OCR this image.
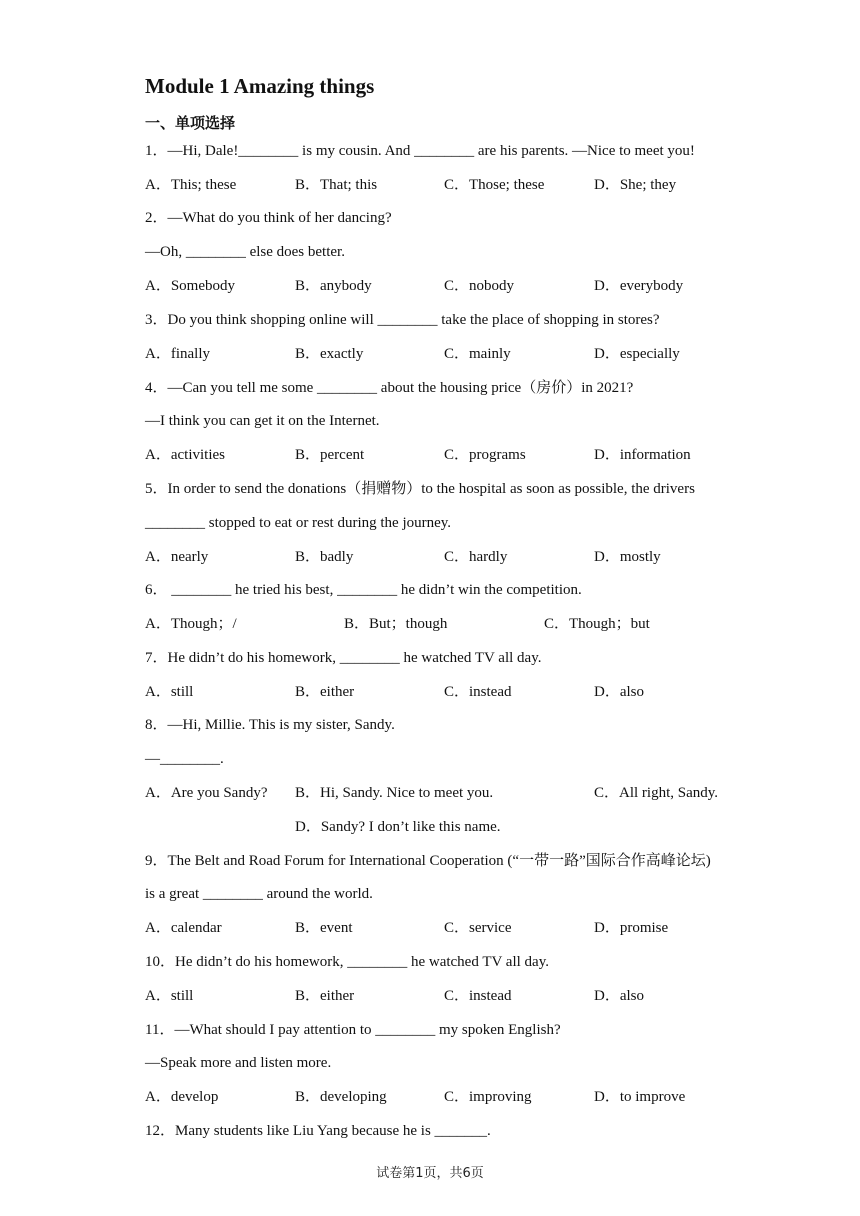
Module 1 Amazing things
一、单项选择
1．—Hi, Dale!________ is my cousin. And ________ are his parents. —Nice to meet you!
A．This; these	B．That; this	C．Those; these	D．She; they
2．—What do you think of her dancing?
—Oh, ________ else does better.
A．Somebody	B．anybody	C．nobody	D．everybody
3．Do you think shopping online will ________ take the place of shopping in stores?
A．finally	B．exactly	C．mainly	D．especially
4．—Can you tell me some ________ about the housing price（房价）in 2021?
—I think you can get it on the Internet.
A．activities	B．percent	C．programs	D．information
5．In order to send the donations（捐赠物）to the hospital as soon as possible, the drivers
________ stopped to eat or rest during the journey.
A．nearly	B．badly	C．hardly	D．mostly
6． ________ he tried his best, ________ he didn’t win the competition.
A．Though；/	B．But；though	C．Though；but
7．He didn’t do his homework, ________ he watched TV all day.
A．still	B．either	C．instead	D．also
8．—Hi, Millie. This is my sister, Sandy.
—________.
A．Are you Sandy? B．Hi, Sandy. Nice to meet you.	C．All right, Sandy.
D．Sandy? I don’t like this name.
9．The Belt and Road Forum for International Cooperation (“一带一路”国际合作高峰论坛)
is a great ________ around the world.
A．calendar	B．event	C．service	D．promise
10．He didn’t do his homework, ________ he watched TV all day.
A．still	B．either	C．instead	D．also
11．—What should I pay attention to ________ my spoken English?
—Speak more and listen more.
A．develop	B．developing	C．improving	D．to improve
12．Many students like Liu Yang because he is _______.
试卷第1页，共6页
